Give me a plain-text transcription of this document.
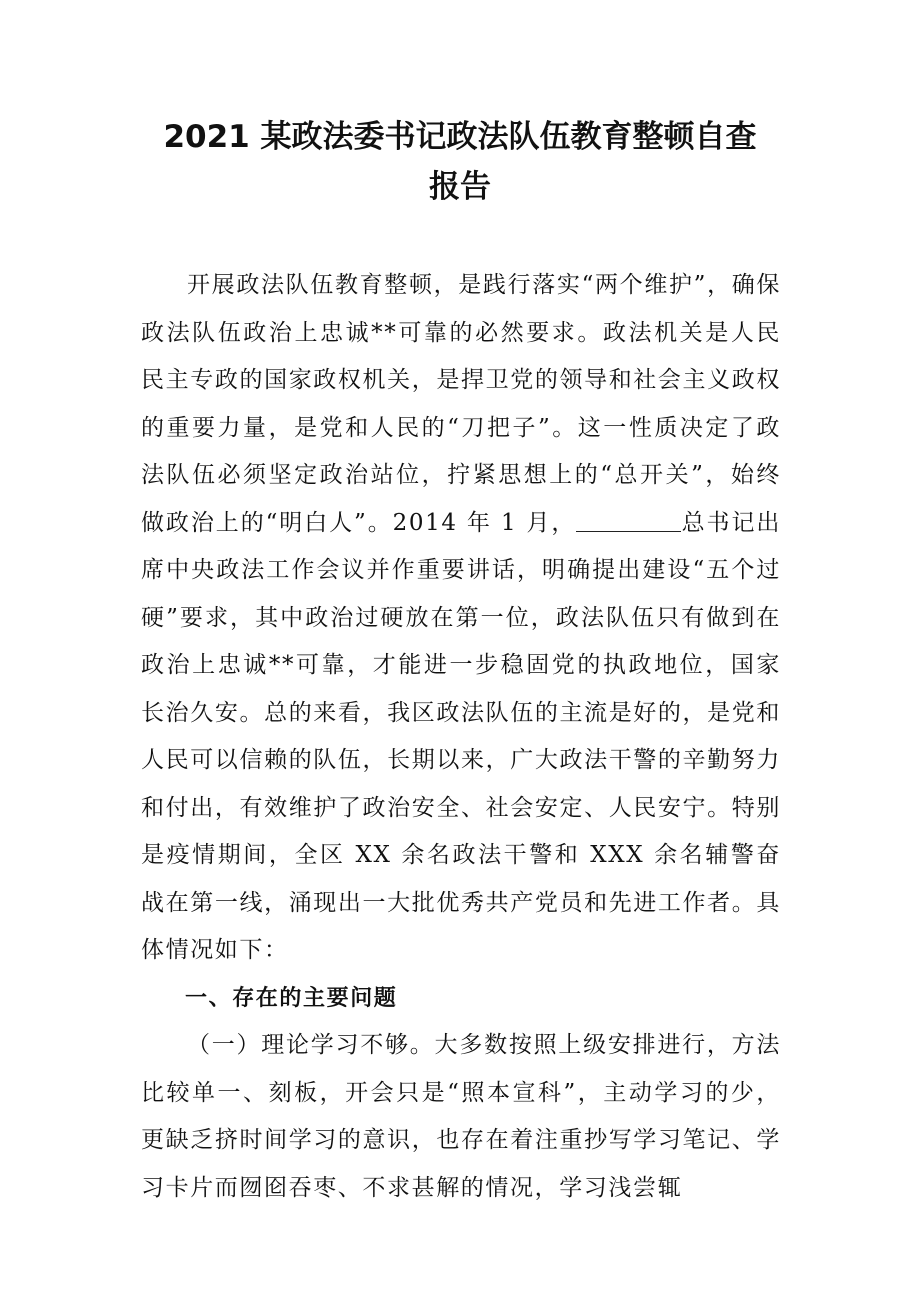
2021 某政法委书记政法队伍教育整顿自查
报告

开展政法队伍教育整顿，是践行落实“两个维护”，确保政法队伍政治上忠诚**可靠的必然要求。政法机关是人民民主专政的国家政权机关，是捍卫党的领导和社会主义政权的重要力量，是党和人民的“刀把子”。这一性质决定了政法队伍必须坚定政治站位，拧紧思想上的“总开关”，始终做政治上的“明白人”。2014 年 1 月，	总书记出席中央政法工作会议并作重要讲话，明确提出建设“五个过硬”要求，其中政治过硬放在第一位，政法队伍只有做到在政治上忠诚**可靠，才能进一步稳固党的执政地位，国家长治久安。总的来看，我区政法队伍的主流是好的，是党和人民可以信赖的队伍，长期以来，广大政法干警的辛勤努力和付出，有效维护了政治安全、社会安定、人民安宁。特别是疫情期间，全区 XX 余名政法干警和 XXX 余名辅警奋战在第一线，涌现出一大批优秀共产党员和先进工作者。具体情况如下：

一、存在的主要问题

（一）理论学习不够。大多数按照上级安排进行，方法比较单一、刻板，开会只是“照本宣科”，主动学习的少，更缺乏挤时间学习的意识，也存在着注重抄写学习笔记、学习卡片而囫囵吞枣、不求甚解的情况，学习浅尝辄
